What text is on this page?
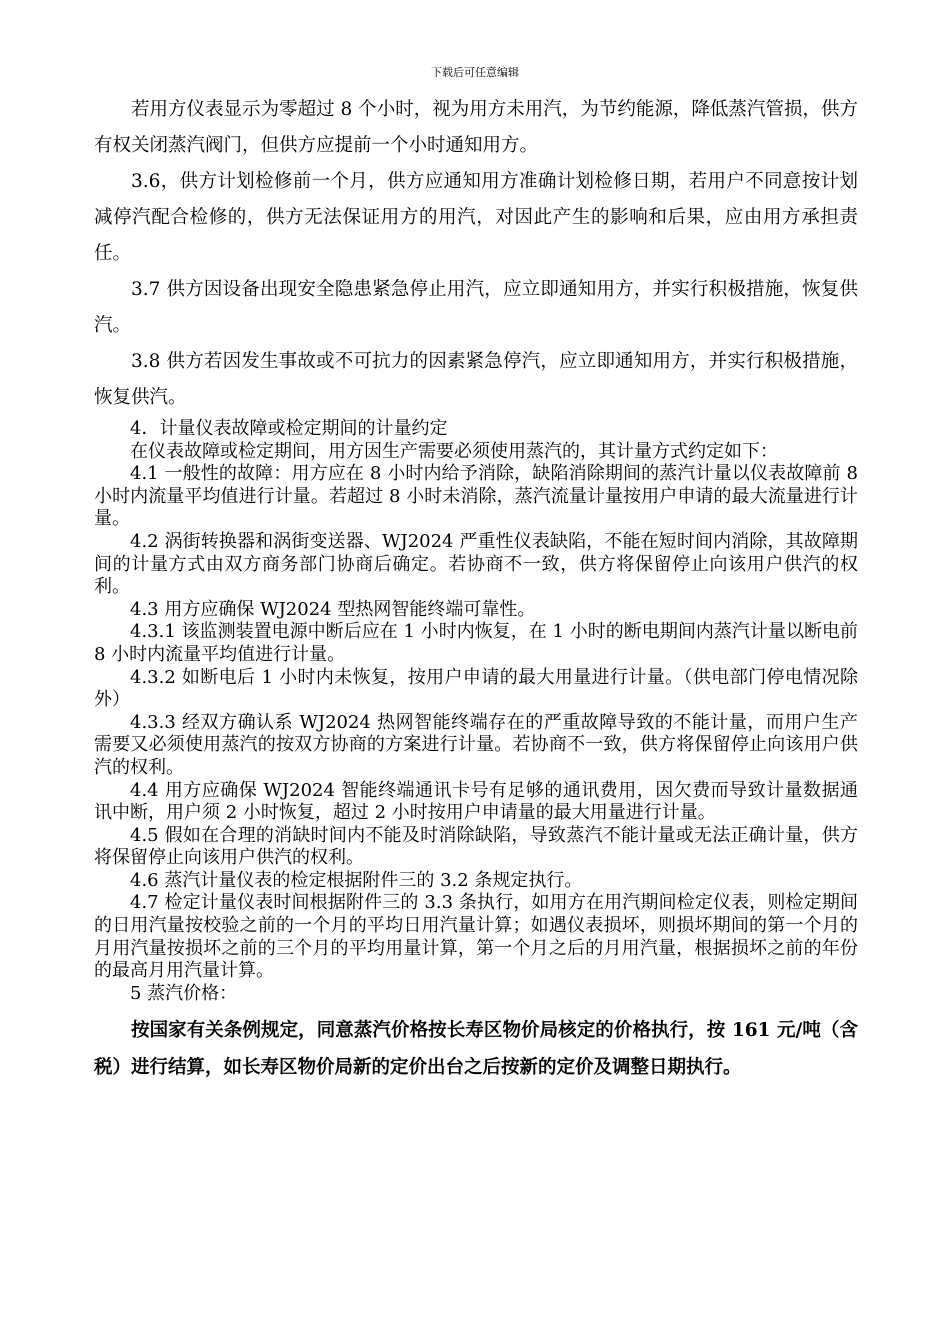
下载后可任意编辑

若用方仪表显示为零超过 8 个小时，视为用方未用汽，为节约能源，降低蒸汽管损，供方有权关闭蒸汽阀门，但供方应提前一个小时通知用方。

3.6，供方计划检修前一个月，供方应通知用方准确计划检修日期，若用户不同意按计划减停汽配合检修的，供方无法保证用方的用汽，对因此产生的影响和后果，应由用方承担责任。

3.7 供方因设备出现安全隐患紧急停止用汽，应立即通知用方，并实行积极措施，恢复供汽。

3.8 供方若因发生事故或不可抗力的因素紧急停汽，应立即通知用方，并实行积极措施，恢复供汽。

4．计量仪表故障或检定期间的计量约定

在仪表故障或检定期间，用方因生产需要必须使用蒸汽的，其计量方式约定如下：

4.1 一般性的故障：用方应在 8 小时内给予消除，缺陷消除期间的蒸汽计量以仪表故障前 8 小时内流量平均值进行计量。若超过 8 小时未消除，蒸汽流量计量按用户申请的最大流量进行计量。

4.2 涡街转换器和涡街变送器、WJ2024 严重性仪表缺陷，不能在短时间内消除，其故障期间的计量方式由双方商务部门协商后确定。若协商不一致，供方将保留停止向该用户供汽的权利。

4.3 用方应确保 WJ2024 型热网智能终端可靠性。

4.3.1 该监测装置电源中断后应在 1 小时内恢复，在 1 小时的断电期间内蒸汽计量以断电前 8 小时内流量平均值进行计量。

4.3.2 如断电后 1 小时内未恢复，按用户申请的最大用量进行计量。（供电部门停电情况除外）

4.3.3 经双方确认系 WJ2024 热网智能终端存在的严重故障导致的不能计量，而用户生产需要又必须使用蒸汽的按双方协商的方案进行计量。若协商不一致，供方将保留停止向该用户供汽的权利。

4.4 用方应确保 WJ2024 智能终端通讯卡号有足够的通讯费用，因欠费而导致计量数据通讯中断，用户须 2 小时恢复，超过 2 小时按用户申请量的最大用量进行计量。

4.5 假如在合理的消缺时间内不能及时消除缺陷，导致蒸汽不能计量或无法正确计量，供方将保留停止向该用户供汽的权利。

4.6 蒸汽计量仪表的检定根据附件三的 3.2 条规定执行。

4.7 检定计量仪表时间根据附件三的 3.3 条执行，如用方在用汽期间检定仪表，则检定期间的日用汽量按校验之前的一个月的平均日用汽量计算；如遇仪表损坏，则损坏期间的第一个月的月用汽量按损坏之前的三个月的平均用量计算，第一个月之后的月用汽量，根据损坏之前的年份的最高月用汽量计算。

5 蒸汽价格：

按国家有关条例规定，同意蒸汽价格按长寿区物价局核定的价格执行，按 161 元/吨（含税）进行结算，如长寿区物价局新的定价出台之后按新的定价及调整日期执行。
